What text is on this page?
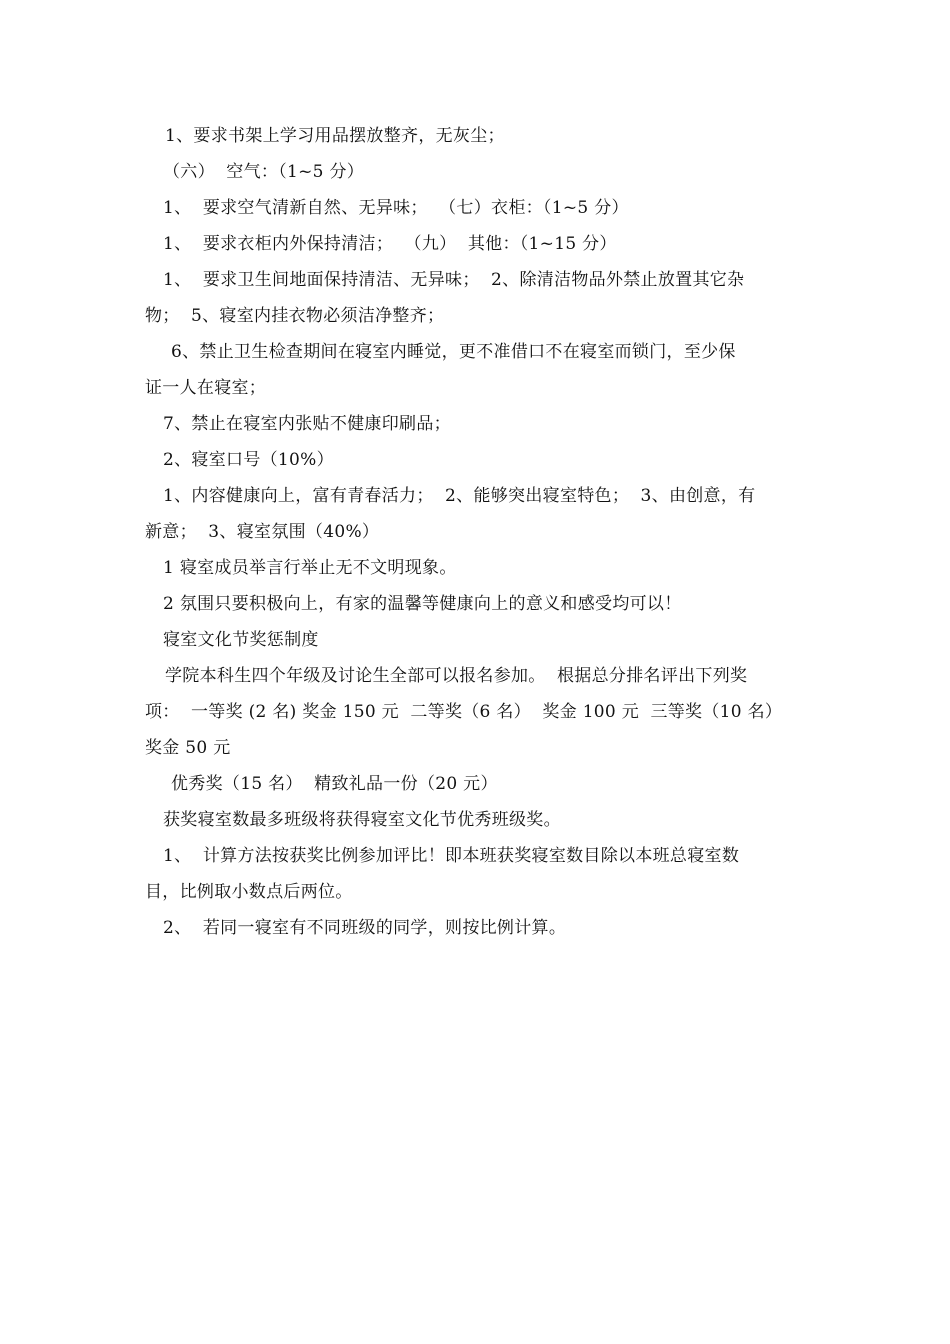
1、要求书架上学习用品摆放整齐，无灰尘；
（六）  空气：（1~5 分）
1、  要求空气清新自然、无异味；  （七）衣柜：（1~5 分）
1、  要求衣柜内外保持清洁；  （九）  其他：（1~15 分）
1、  要求卫生间地面保持清洁、无异味；  2、除清洁物品外禁止放置其它杂
物；  5、寝室内挂衣物必须洁净整齐；
6、禁止卫生检查期间在寝室内睡觉，更不准借口不在寝室而锁门，至少保
证一人在寝室；
7、禁止在寝室内张贴不健康印刷品；
2、寝室口号（10%）
1、内容健康向上，富有青春活力；  2、能够突出寝室特色；  3、由创意，有
新意；  3、寝室氛围（40%）
1 寝室成员举言行举止无不文明现象。
2 氛围只要积极向上，有家的温馨等健康向上的意义和感受均可以！
寝室文化节奖惩制度
学院本科生四个年级及讨论生全部可以报名参加。  根据总分排名评出下列奖
项：  一等奖 (2 名) 奖金 150 元  二等奖（6 名）  奖金 100 元  三等奖（10 名）
奖金 50 元
优秀奖（15 名）  精致礼品一份（20 元）
获奖寝室数最多班级将获得寝室文化节优秀班级奖。
1、  计算方法按获奖比例参加评比！即本班获奖寝室数目除以本班总寝室数
目，比例取小数点后两位。
2、  若同一寝室有不同班级的同学，则按比例计算。
